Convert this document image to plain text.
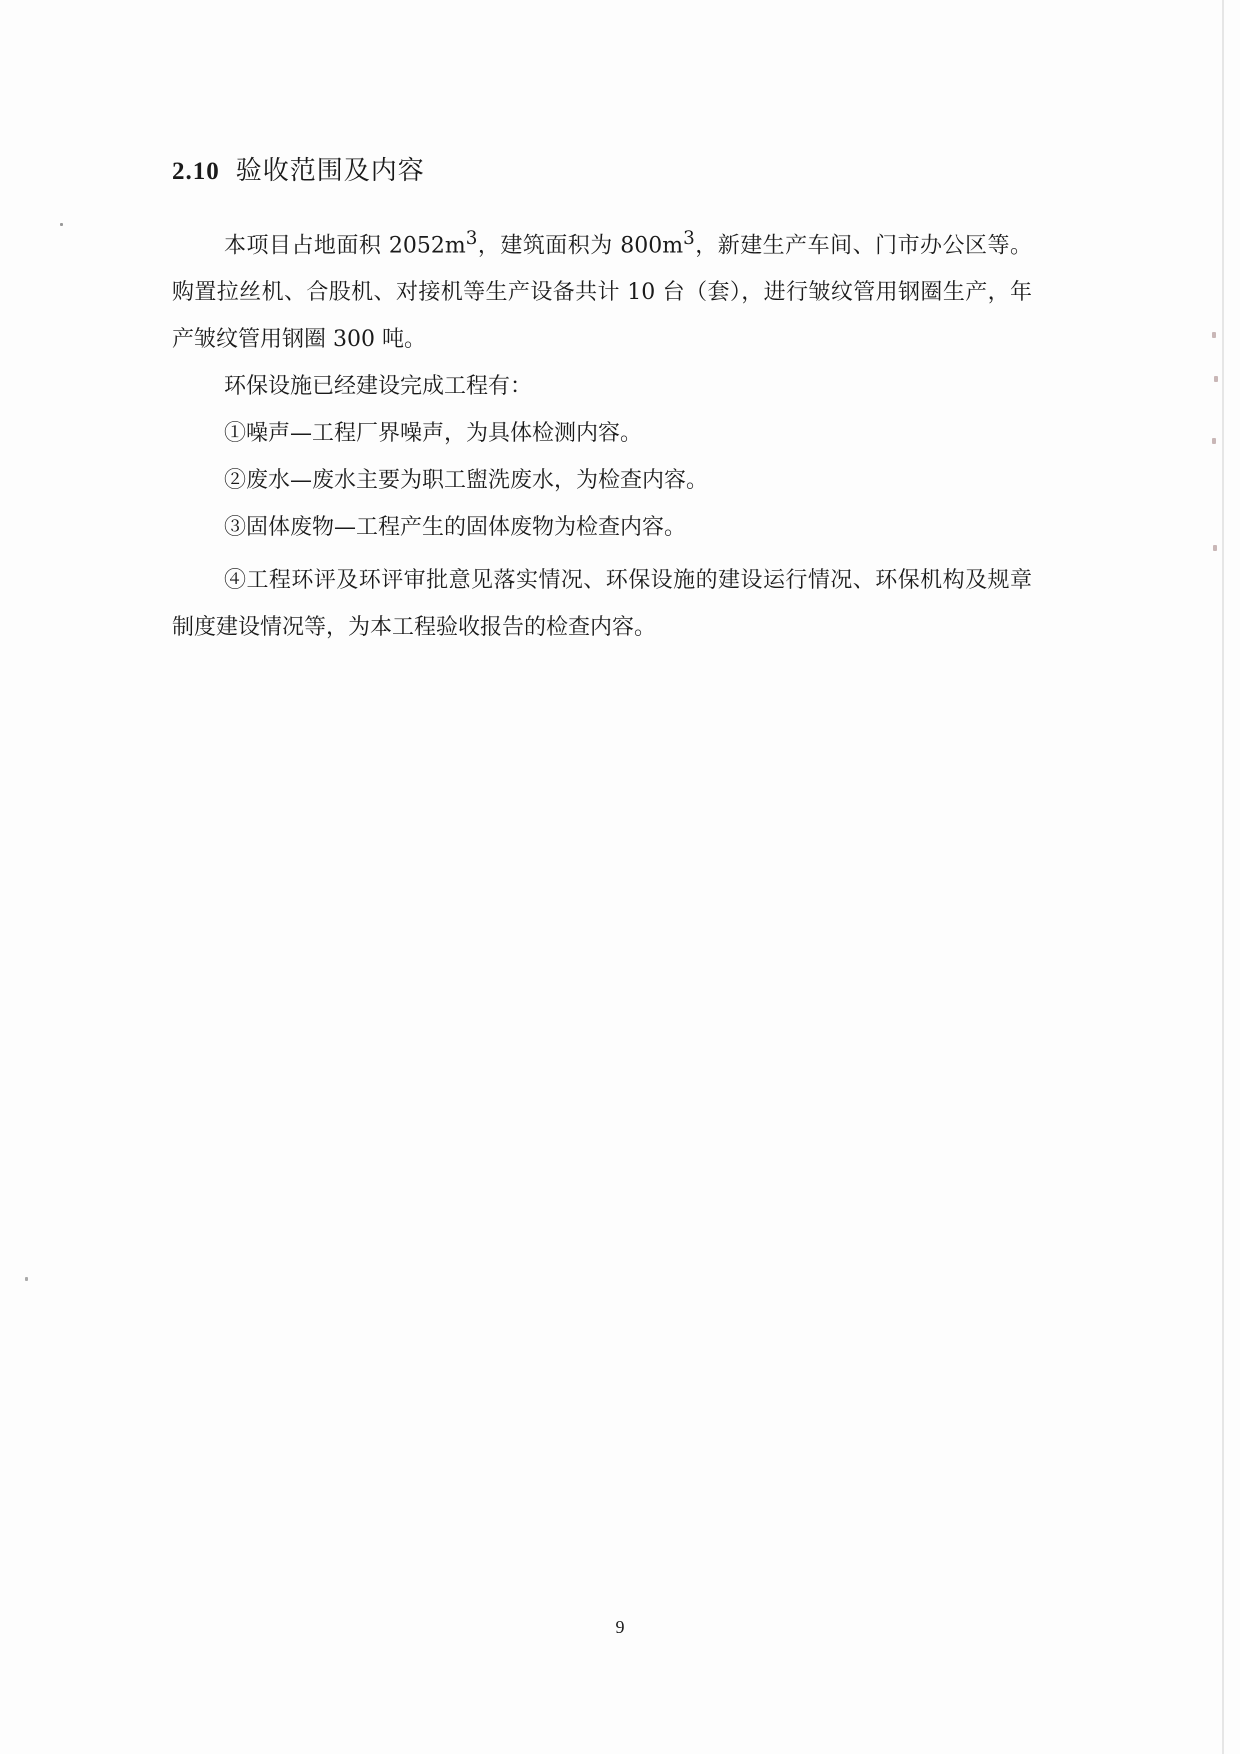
2.10 验收范围及内容

本项目占地面积 $2052m^3$，建筑面积为 $800m^3$，新建生产车间、门市办公区等。购置拉丝机、合股机、对接机等生产设备共计 10 台（套），进行皱纹管用钢圈生产，年产皱纹管用钢圈 300 吨。

环保设施已经建设完成工程有：

①噪声—工程厂界噪声，为具体检测内容。

②废水—废水主要为职工盥洗废水，为检查内容。

③固体废物—工程产生的固体废物为检查内容。

④工程环评及环评审批意见落实情况、环保设施的建设运行情况、环保机构及规章制度建设情况等，为本工程验收报告的检查内容。

9
